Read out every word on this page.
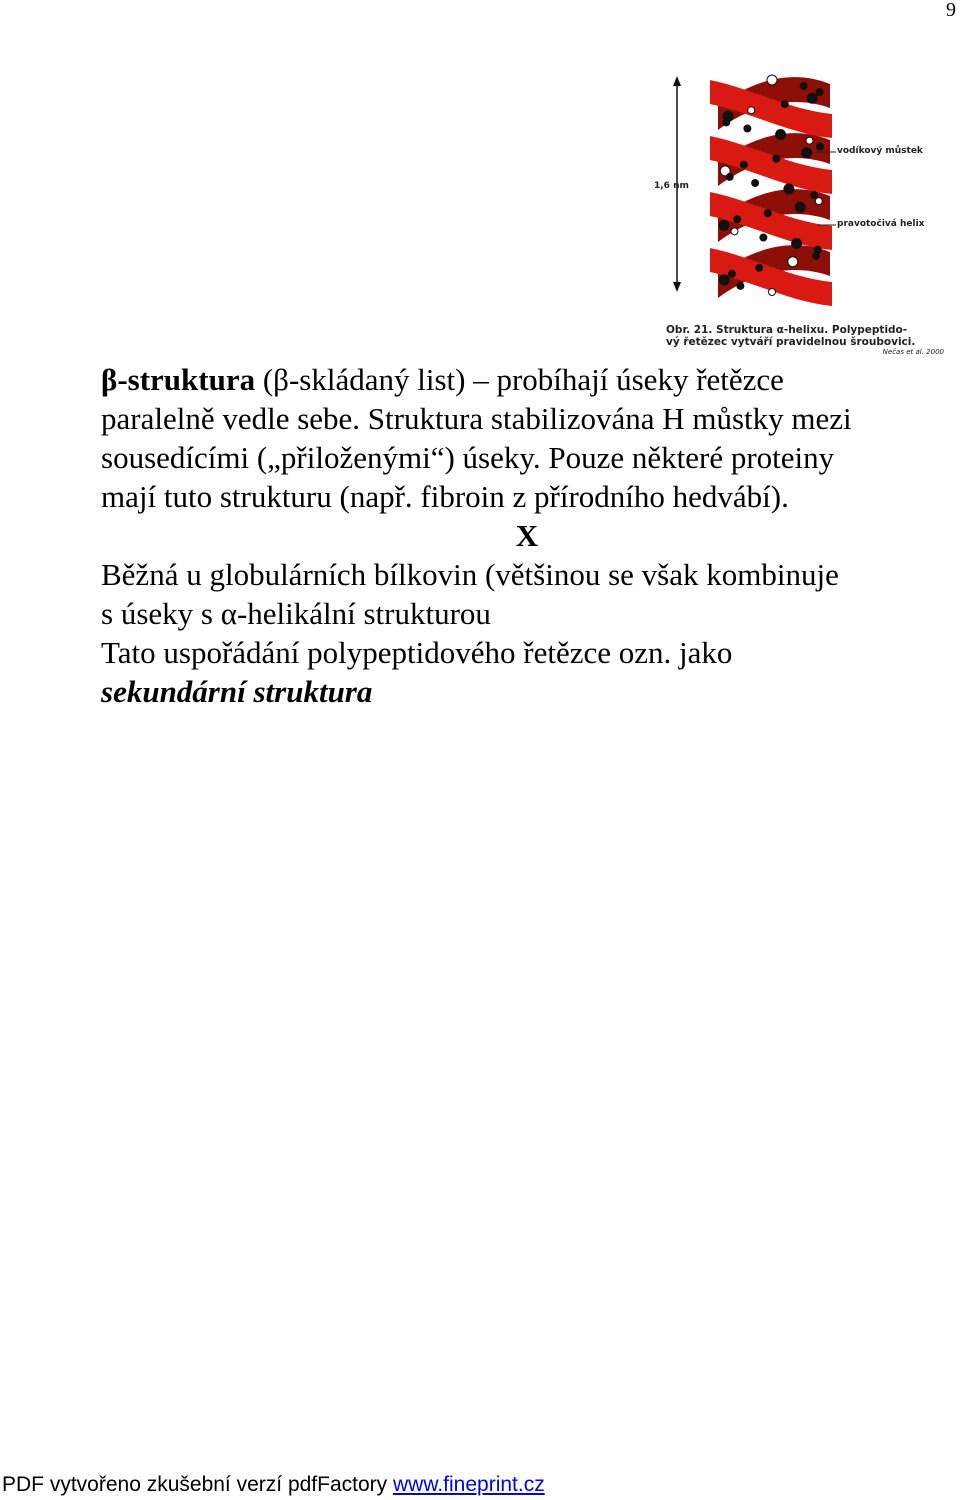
9
1,6 nm
vodíkový můstek
pravotočivá helix
Obr. 21. Struktura α-helixu. Polypeptido-
vý řetězec vytváří pravidelnou šroubovici.
Nečas et al. 2000

β-struktura (β-skládaný list) – probíhají úseky řetězce

paralelně vedle sebe. Struktura stabilizována H můstky mezi

sousedícími („přiloženými“) úseky. Pouze některé proteiny

mají tuto strukturu (např. fibroin z přírodního hedvábí).

X

Běžná u globulárních bílkovin (většinou se však kombinuje

s úseky s α-helikální strukturou

Tato uspořádání polypeptidového řetězce ozn. jako

sekundární struktura

PDF vytvořeno zkušební verzí pdfFactory www.fineprint.cz
